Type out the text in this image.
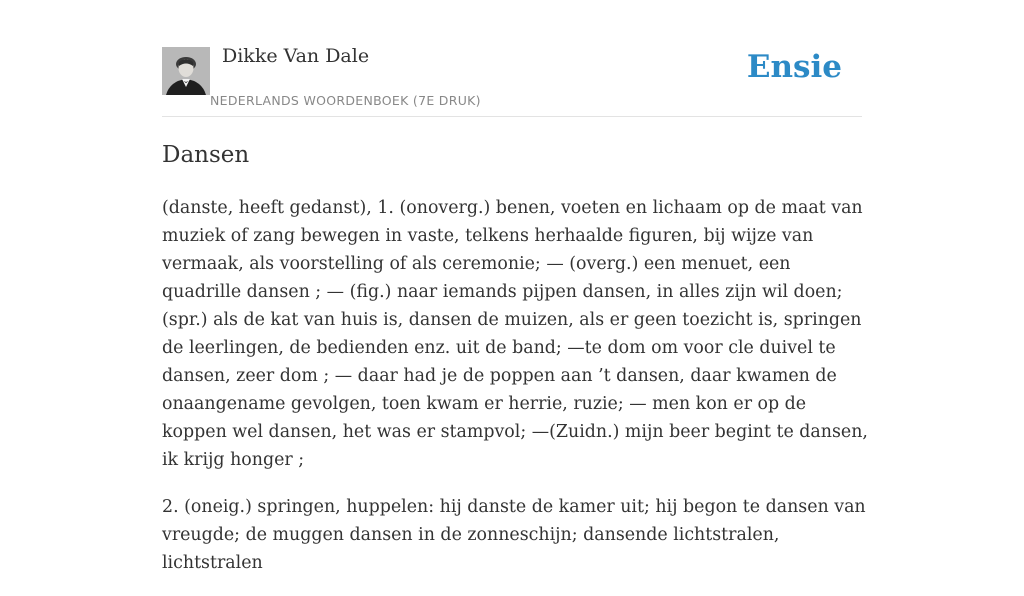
Dikke Van Dale
NEDERLANDS WOORDENBOEK (7E DRUK)
Ensie
Dansen

(danste, heeft gedanst), 1. (onoverg.) benen, voeten en lichaam op de maat van muziek of zang bewegen in vaste, telkens herhaalde figuren, bij wijze van vermaak, als voorstelling of als ceremonie; — (overg.) een menuet, een quadrille dansen ; — (fig.) naar iemands pijpen dansen, in alles zijn wil doen; (spr.) als de kat van huis is, dansen de muizen, als er geen toezicht is, springen de leerlingen, de bedienden enz. uit de band; —te dom om voor cle duivel te dansen, zeer dom ; — daar had je de poppen aan ’t dansen, daar kwamen de onaangename gevolgen, toen kwam er herrie, ruzie; — men kon er op de koppen wel dansen, het was er stampvol; —(Zuidn.) mijn beer begint te dansen, ik krijg honger ;

2. (oneig.) springen, huppelen: hij danste de kamer uit; hij begon te dansen van vreugde; de muggen dansen in de zonneschijn; dansende lichtstralen, lichtstralen
